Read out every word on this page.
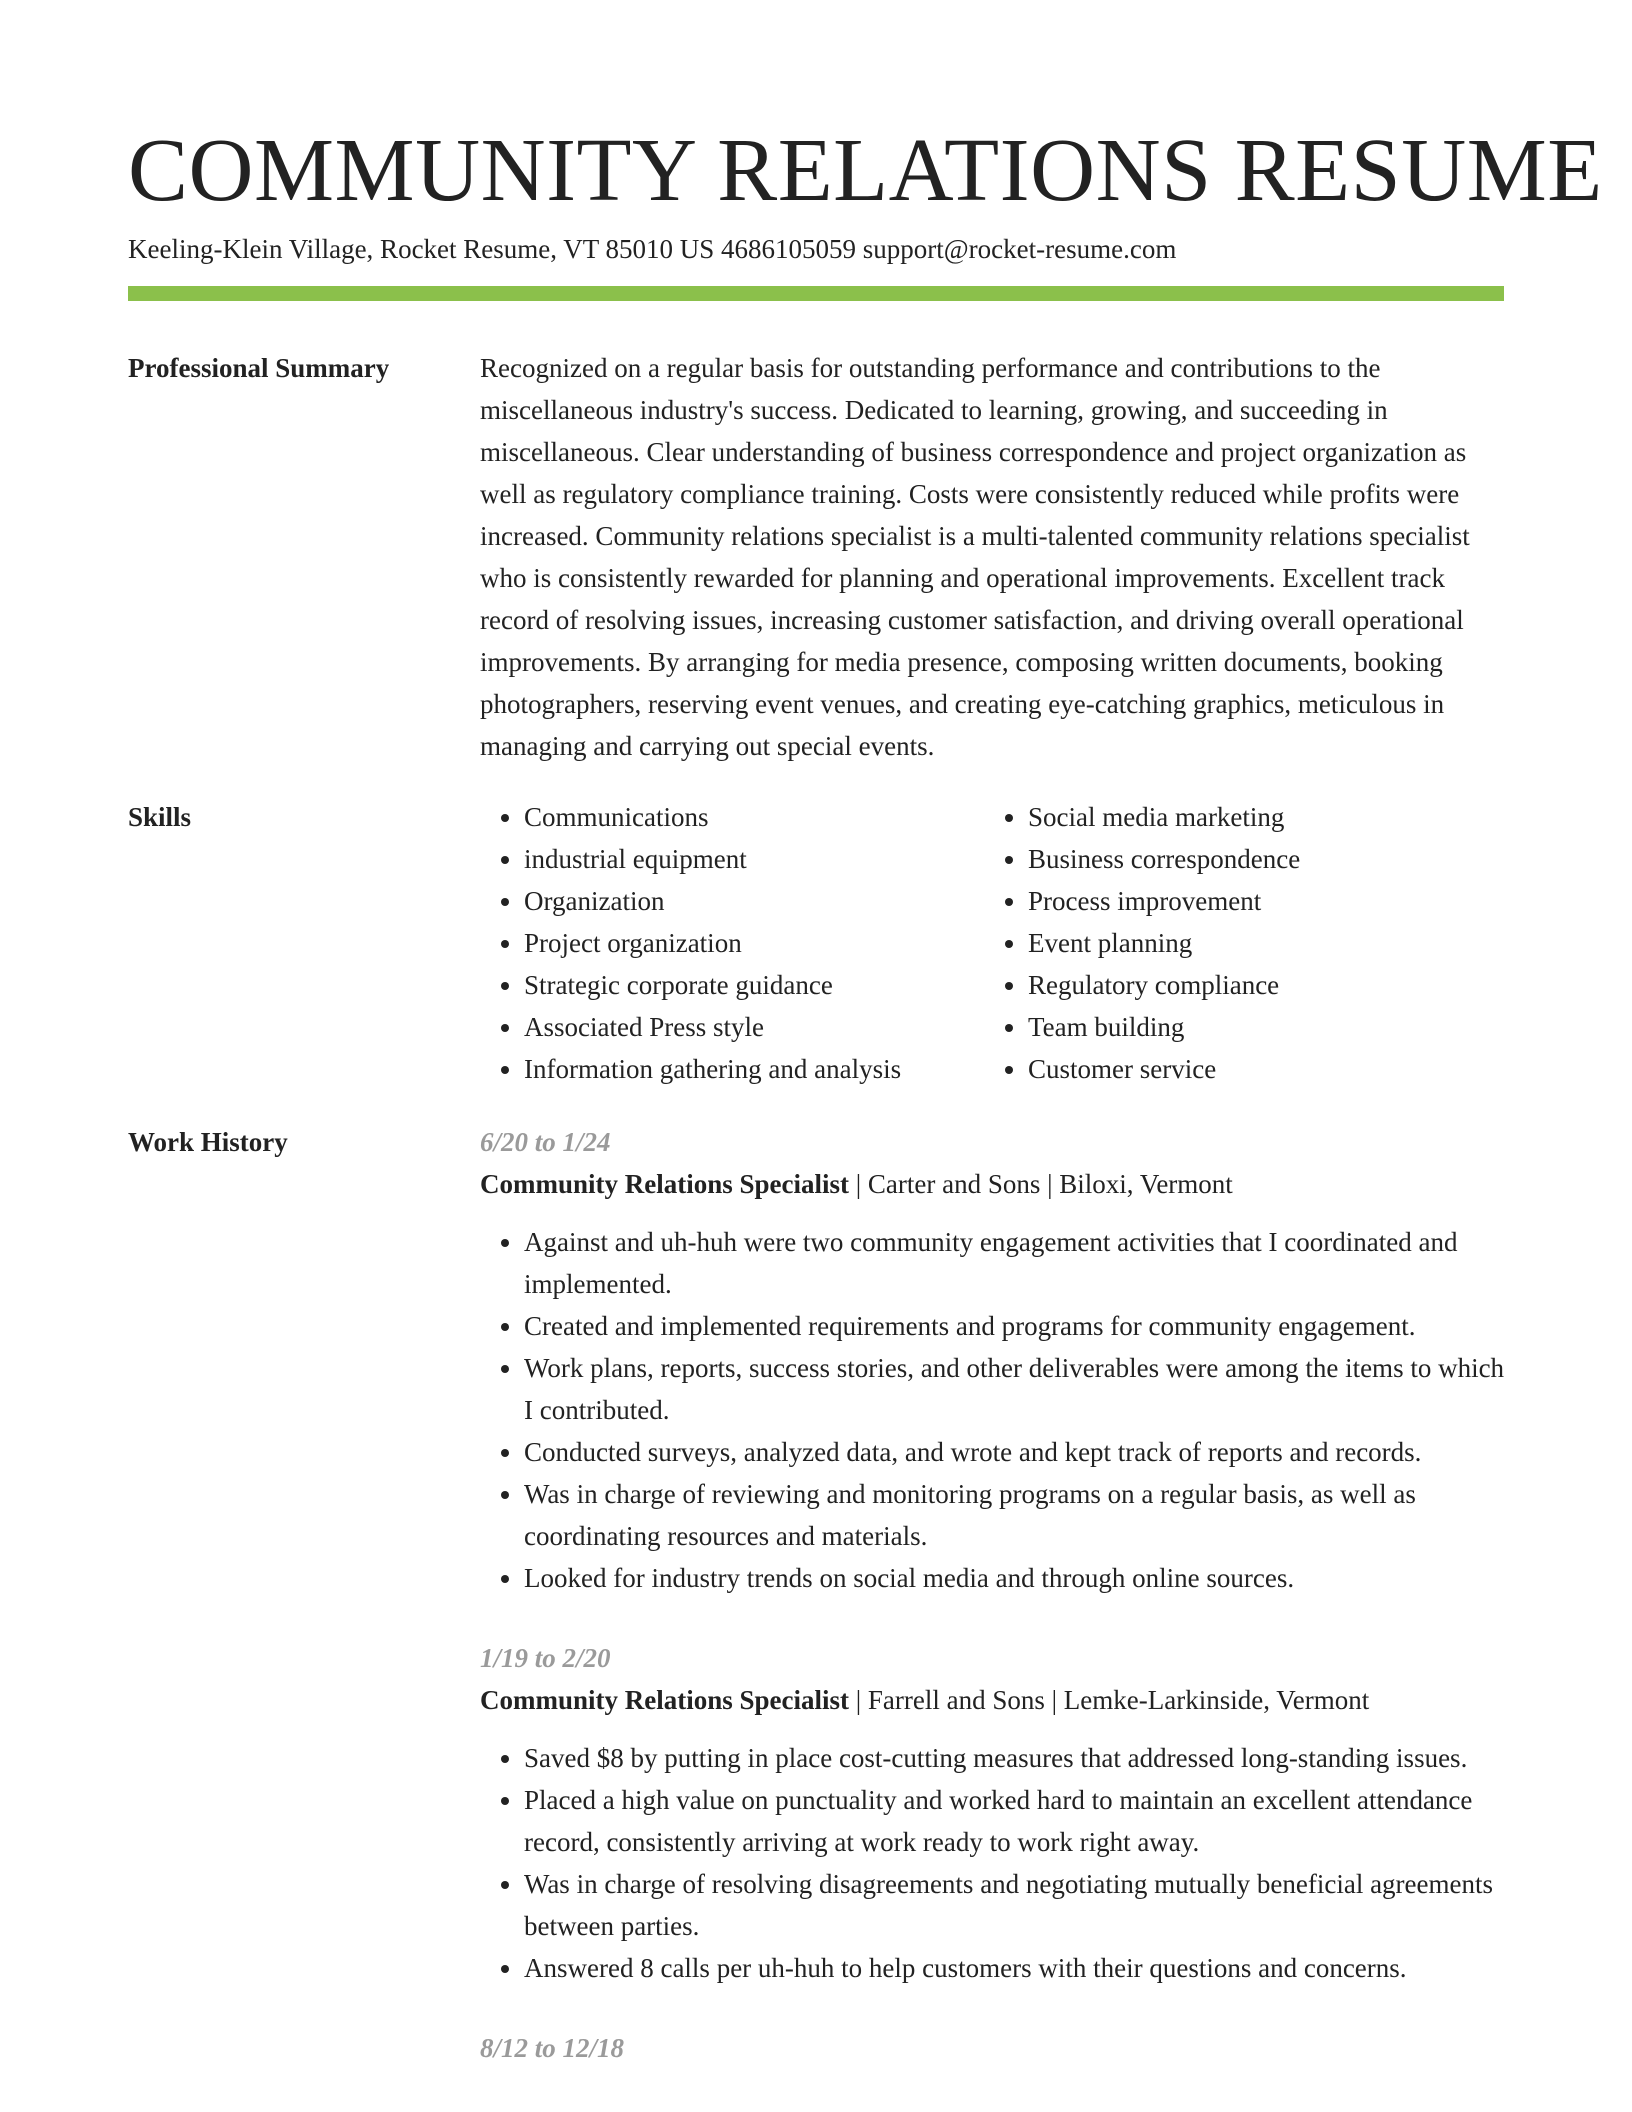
COMMUNITY RELATIONS RESUME
Keeling-Klein Village, Rocket Resume, VT 85010 US 4686105059 support@rocket-resume.com
Professional Summary	Recognized on a regular basis for outstanding performance and contributions to the miscellaneous industry's success. Dedicated to learning, growing, and succeeding in miscellaneous. Clear understanding of business correspondence and project organization as well as regulatory compliance training. Costs were consistently reduced while profits were increased. Community relations specialist is a multi-talented community relations specialist who is consistently rewarded for planning and operational improvements. Excellent track record of resolving issues, increasing customer satisfaction, and driving overall operational improvements. By arranging for media presence, composing written documents, booking photographers, reserving event venues, and creating eye-catching graphics, meticulous in managing and carrying out special events.

Skills
•	Communications
• industrial equipment
• Organization
• Project organization
• Strategic corporate guidance
• Associated Press style
• Information gathering and analysis
• Social media marketing
• Business correspondence
• Process improvement
• Event planning
• Regulatory compliance
• Team building
• Customer service
Work History	6/20 to 1/24
Community Relations Specialist | Carter and Sons | Biloxi, Vermont
• Against and uh-huh were two community engagement activities that I coordinated and implemented.
• Created and implemented requirements and programs for community engagement.
• Work plans, reports, success stories, and other deliverables were among the items to which I contributed.
• Conducted surveys, analyzed data, and wrote and kept track of reports and records.
• Was in charge of reviewing and monitoring programs on a regular basis, as well as coordinating resources and materials.
• Looked for industry trends on social media and through online sources.
1/19 to 2/20
Community Relations Specialist | Farrell and Sons | Lemke-Larkinside, Vermont
• Saved $8 by putting in place cost-cutting measures that addressed long-standing issues.
• Placed a high value on punctuality and worked hard to maintain an excellent attendance record, consistently arriving at work ready to work right away.
• Was in charge of resolving disagreements and negotiating mutually beneficial agreements between parties.
• Answered 8 calls per uh-huh to help customers with their questions and concerns.
8/12 to 12/18
